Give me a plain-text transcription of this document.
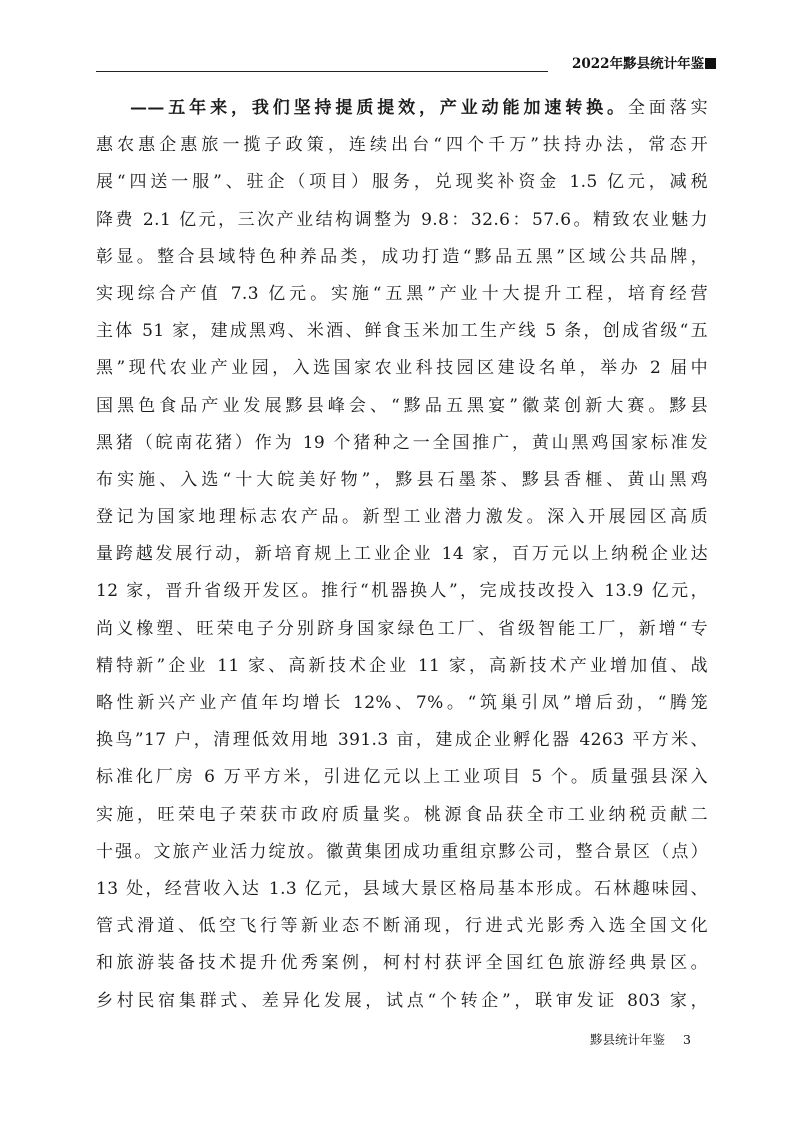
2022年黟县统计年鉴
——五年来，我们坚持提质提效，产业动能加速转换。全面落实
惠农惠企惠旅一揽子政策，连续出台“四个千万”扶持办法，常态开
展“四送一服”、驻企（项目）服务，兑现奖补资金 1.5 亿元，减税
降费 2.1 亿元，三次产业结构调整为 9.8：32.6：57.6。精致农业魅力
彰显。整合县域特色种养品类，成功打造“黟品五黑”区域公共品牌，
实现综合产值 7.3 亿元。实施“五黑”产业十大提升工程，培育经营
主体 51 家，建成黑鸡、米酒、鲜食玉米加工生产线 5 条，创成省级“五
黑”现代农业产业园，入选国家农业科技园区建设名单，举办 2 届中
国黑色食品产业发展黟县峰会、“黟品五黑宴”徽菜创新大赛。黟县
黑猪（皖南花猪）作为 19 个猪种之一全国推广，黄山黑鸡国家标准发
布实施、入选“十大皖美好物”，黟县石墨茶、黟县香榧、黄山黑鸡
登记为国家地理标志农产品。新型工业潜力激发。深入开展园区高质
量跨越发展行动，新培育规上工业企业 14 家，百万元以上纳税企业达
12 家，晋升省级开发区。推行“机器换人”，完成技改投入 13.9 亿元，
尚义橡塑、旺荣电子分别跻身国家绿色工厂、省级智能工厂，新增“专
精特新”企业 11 家、高新技术企业 11 家，高新技术产业增加值、战
略性新兴产业产值年均增长 12%、7%。“筑巢引凤”增后劲，“腾笼
换鸟”17 户，清理低效用地 391.3 亩，建成企业孵化器 4263 平方米、
标准化厂房 6 万平方米，引进亿元以上工业项目 5 个。质量强县深入
实施，旺荣电子荣获市政府质量奖。桃源食品获全市工业纳税贡献二
十强。文旅产业活力绽放。徽黄集团成功重组京黟公司，整合景区（点）
13 处，经营收入达 1.3 亿元，县域大景区格局基本形成。石林趣味园、
管式滑道、低空飞行等新业态不断涌现，行进式光影秀入选全国文化
和旅游装备技术提升优秀案例，柯村村获评全国红色旅游经典景区。
乡村民宿集群式、差异化发展，试点“个转企”，联审发证 803 家，
黟县统计年鉴 3
